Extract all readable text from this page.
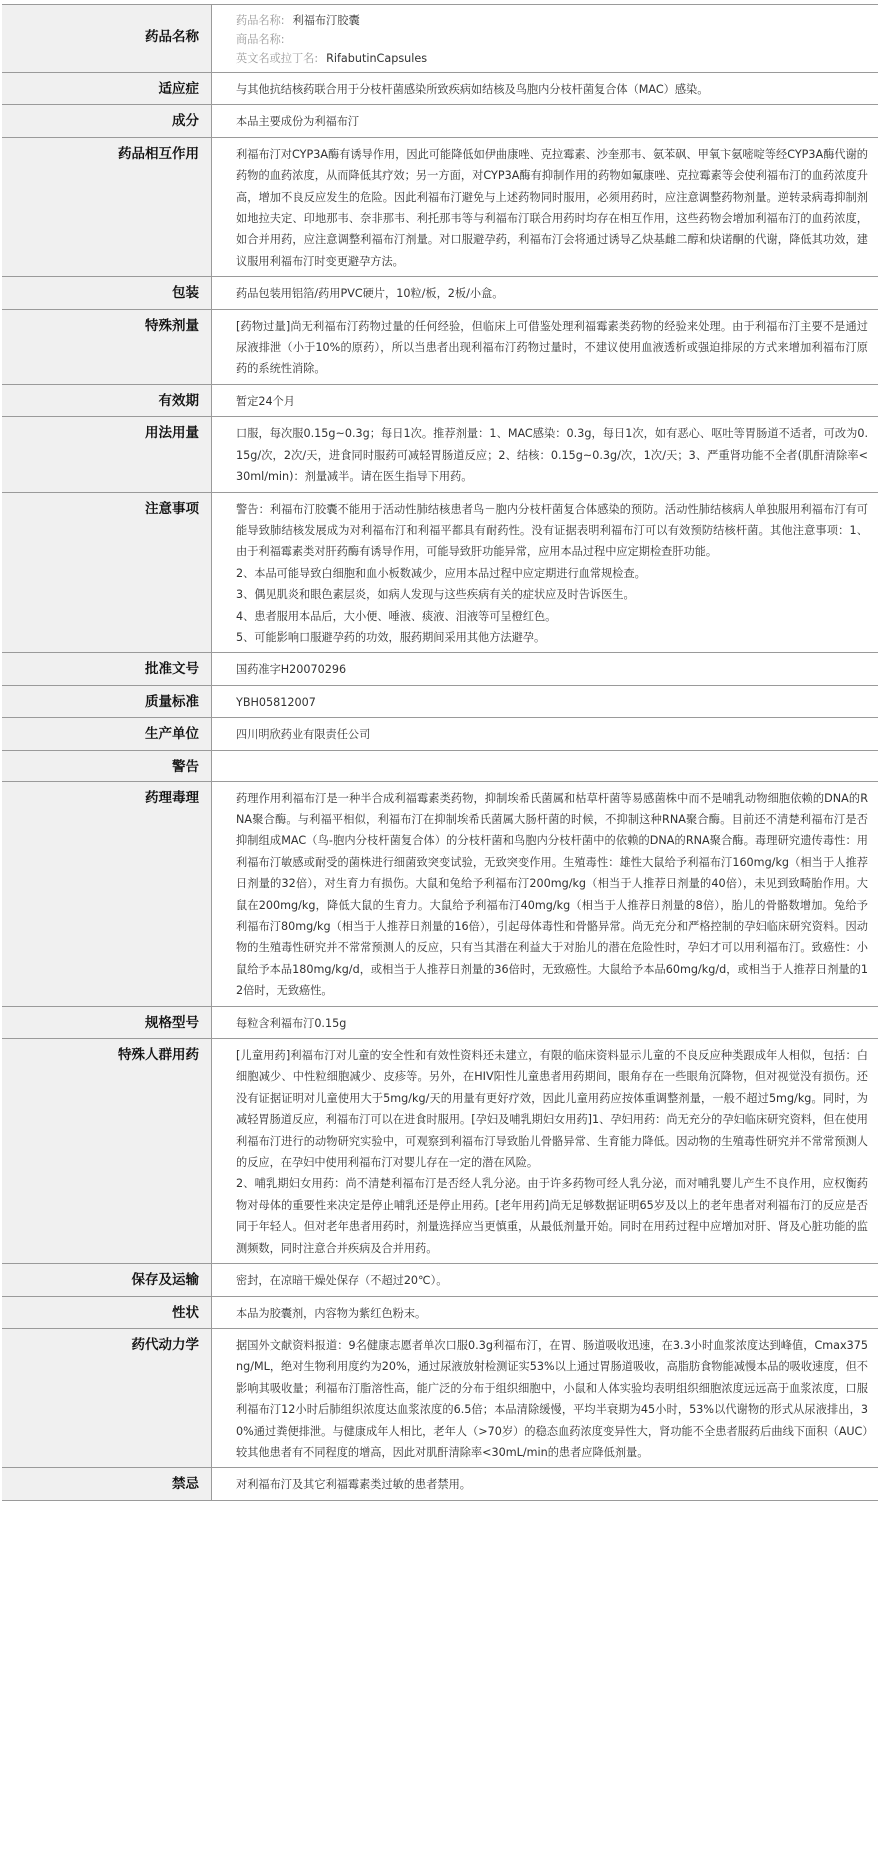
药品名称	药品名称: 利福布汀胶囊
商品名称:
英文名或拉丁名: RifabutinCapsules

适应症	与其他抗结核药联合用于分枝杆菌感染所致疾病如结核及鸟胞内分枝杆菌复合体（MAC）感染。
成分	本品主要成份为利福布汀
药品相互作用	利福布汀对CYP3A酶有诱导作用，因此可能降低如伊曲康唑、克拉霉素、沙奎那韦、氨苯砜、甲氧卞氨嘧啶等经CYP3A酶代谢的药物的血药浓度，从而降低其疗效；另一方面，对CYP3A酶有抑制作用的药物如氟康唑、克拉霉素等会使利福布汀的血药浓度升高，增加不良反应发生的危险。因此利福布汀避免与上述药物同时服用，必须用药时，应注意调整药物剂量。逆转录病毒抑制剂如地拉夫定、印地那韦、奈非那韦、利托那韦等与利福布汀联合用药时均存在相互作用，这些药物会增加利福布汀的血药浓度，如合并用药，应注意调整利福布汀剂量。对口服避孕药，利福布汀会将通过诱导乙炔基雌二醇和炔诺酮的代谢，降低其功效，建议服用利福布汀时变更避孕方法。
包装	药品包装用铝箔/药用PVC硬片，10粒/板，2板/小盒。
特殊剂量	[药物过量]尚无利福布汀药物过量的任何经验，但临床上可借鉴处理利福霉素类药物的经验来处理。由于利福布汀主要不是通过尿液排泄（小于10%的原药），所以当患者出现利福布汀药物过量时，不建议使用血液透析或强迫排尿的方式来增加利福布汀原药的系统性消除。
有效期	暂定24个月
用法用量	口服，每次服0.15g~0.3g；每日1次。推荐剂量：1、MAC感染：0.3g，每日1次，如有恶心、呕吐等胃肠道不适者，可改为0.15g/次，2次/天，进食同时服药可减轻胃肠道反应；2、结核：0.15g~0.3g/次，1次/天；3、严重肾功能不全者(肌酐清除率<30ml/min)：剂量减半。请在医生指导下用药。
注意事项	警告：利福布汀胶囊不能用于活动性肺结核患者鸟－胞内分枝杆菌复合体感染的预防。活动性肺结核病人单独服用利福布汀有可能导致肺结核发展成为对利福布汀和利福平都具有耐药性。没有证据表明利福布汀可以有效预防结核杆菌。其他注意事项：1、由于利福霉素类对肝药酶有诱导作用，可能导致肝功能异常，应用本品过程中应定期检查肝功能。

2、本品可能导致白细胞和血小板数减少，应用本品过程中应定期进行血常规检查。

3、偶见肌炎和眼色素层炎，如病人发现与这些疾病有关的症状应及时告诉医生。

4、患者服用本品后，大小便、唾液、痰液、泪液等可呈橙红色。

5、可能影响口服避孕药的功效，服药期间采用其他方法避孕。

批准文号	国药准字H20070296
质量标准	YBH05812007
生产单位	四川明欣药业有限责任公司
警告	
药理毒理	药理作用利福布汀是一种半合成利福霉素类药物，抑制埃希氏菌属和枯草杆菌等易感菌株中而不是哺乳动物细胞依赖的DNA的RNA聚合酶。与利福平相似，利福布汀在抑制埃希氏菌属大肠杆菌的时候，不抑制这种RNA聚合酶。目前还不清楚利福布汀是否抑制组成MAC（鸟-胞内分枝杆菌复合体）的分枝杆菌和鸟胞内分枝杆菌中的依赖的DNA的RNA聚合酶。毒理研究遗传毒性：用利福布汀敏感或耐受的菌株进行细菌致突变试验，无致突变作用。生殖毒性：雄性大鼠给予利福布汀160mg/kg（相当于人推荐日剂量的32倍），对生育力有损伤。大鼠和兔给予利福布汀200mg/kg（相当于人推荐日剂量的40倍），未见到致畸胎作用。大鼠在200mg/kg，降低大鼠的生育力。大鼠给予利福布汀40mg/kg（相当于人推荐日剂量的8倍），胎儿的骨骼数增加。兔给予利福布汀80mg/kg（相当于人推荐日剂量的16倍），引起母体毒性和骨骼异常。尚无充分和严格控制的孕妇临床研究资料。因动物的生殖毒性研究并不常常预测人的反应，只有当其潜在利益大于对胎儿的潜在危险性时，孕妇才可以用利福布汀。致癌性：小鼠给予本品180mg/kg/d，或相当于人推荐日剂量的36倍时，无致癌性。大鼠给予本品60mg/kg/d，或相当于人推荐日剂量的12倍时，无致癌性。
规格型号	每粒含利福布汀0.15g
特殊人群用药	[儿童用药]利福布汀对儿童的安全性和有效性资料还未建立，有限的临床资料显示儿童的不良反应种类跟成年人相似，包括：白细胞减少、中性粒细胞减少、皮疹等。另外，在HIV阳性儿童患者用药期间，眼角存在一些眼角沉降物，但对视觉没有损伤。还没有证据证明对儿童使用大于5mg/kg/天的用量有更好疗效，因此儿童用药应按体重调整剂量，一般不超过5mg/kg。同时，为减轻胃肠道反应，利福布汀可以在进食时服用。[孕妇及哺乳期妇女用药]1、孕妇用药：尚无充分的孕妇临床研究资料，但在使用利福布汀进行的动物研究实验中，可观察到利福布汀导致胎儿骨骼异常、生育能力降低。因动物的生殖毒性研究并不常常预测人的反应，在孕妇中使用利福布汀对婴儿存在一定的潜在风险。

2、哺乳期妇女用药：尚不清楚利福布汀是否经人乳分泌。由于许多药物可经人乳分泌，而对哺乳婴儿产生不良作用，应权衡药物对母体的重要性来决定是停止哺乳还是停止用药。[老年用药]尚无足够数据证明65岁及以上的老年患者对利福布汀的反应是否同于年轻人。但对老年患者用药时，剂量选择应当更慎重，从最低剂量开始。同时在用药过程中应增加对肝、肾及心脏功能的监测频数，同时注意合并疾病及合并用药。

保存及运输	密封，在凉暗干燥处保存（不超过20℃）。
性状	本品为胶囊剂，内容物为紫红色粉末。
药代动力学	据国外文献资料报道：9名健康志愿者单次口服0.3g利福布汀，在胃、肠道吸收迅速，在3.3小时血浆浓度达到峰值，Cmax375ng/ML，绝对生物利用度约为20%，通过尿液放射检测证实53%以上通过胃肠道吸收，高脂肪食物能减慢本品的吸收速度，但不影响其吸收量；利福布汀脂溶性高，能广泛的分布于组织细胞中，小鼠和人体实验均表明组织细胞浓度远远高于血浆浓度，口服利福布汀12小时后肺组织浓度达血浆浓度的6.5倍；本品清除缓慢，平均半衰期为45小时，53%以代谢物的形式从尿液排出，30%通过粪便排泄。与健康成年人相比，老年人（>70岁）的稳态血药浓度变异性大，肾功能不全患者服药后曲线下面积（AUC）较其他患者有不同程度的增高，因此对肌酐清除率<30mL/min的患者应降低剂量。
禁忌	对利福布汀及其它利福霉素类过敏的患者禁用。
